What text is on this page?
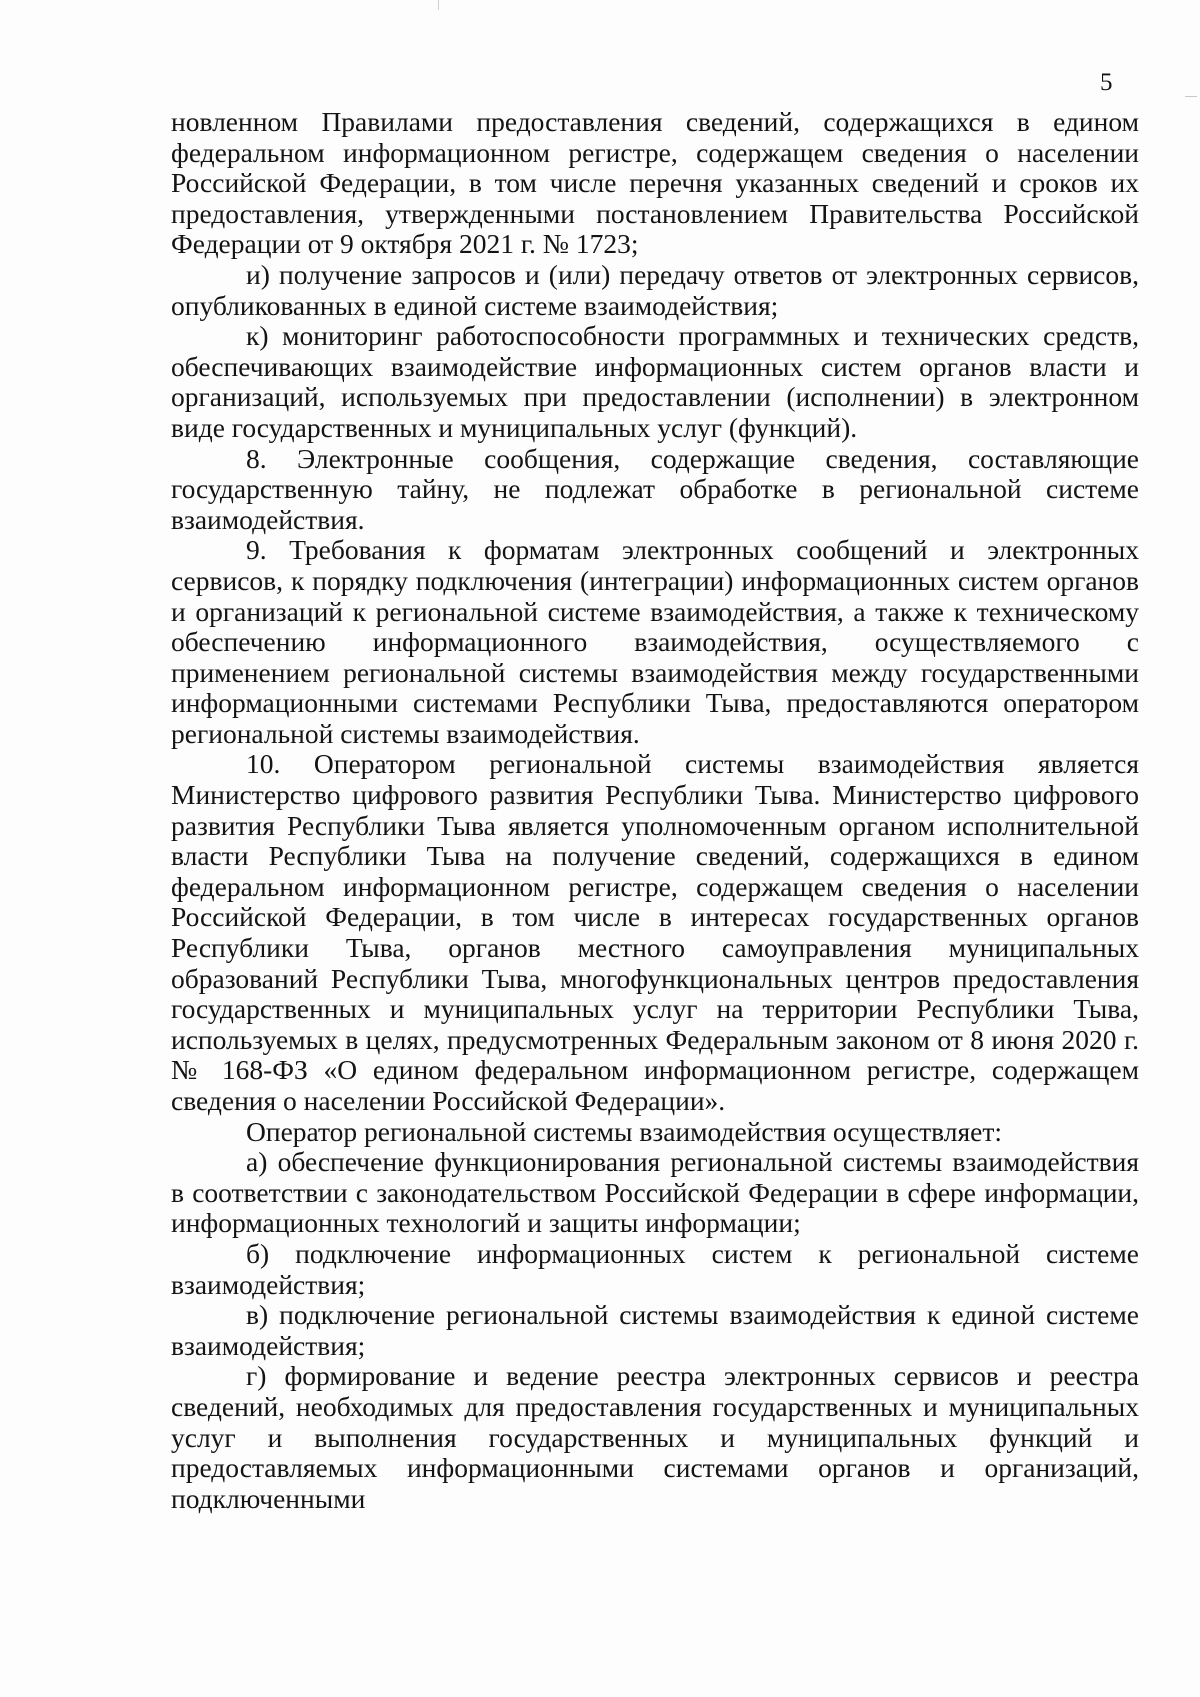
5

новленном Правилами предоставления сведений, содержащихся в едином федеральном информационном регистре, содержащем сведения о населении Российской Федерации, в том числе перечня указанных сведений и сроков их предоставления, утвержденными постановлением Правительства Российской Федерации от 9 октября 2021 г. № 1723;

и) получение запросов и (или) передачу ответов от электронных сервисов, опубликованных в единой системе взаимодействия;

к) мониторинг работоспособности программных и технических средств, обеспечивающих взаимодействие информационных систем органов власти и организаций, используемых при предоставлении (исполнении) в электронном виде государственных и муниципальных услуг (функций).

8. Электронные сообщения, содержащие сведения, составляющие государственную тайну, не подлежат обработке в региональной системе взаимодействия.

9. Требования к форматам электронных сообщений и электронных сервисов, к порядку подключения (интеграции) информационных систем органов и организаций к региональной системе взаимодействия, а также к техническому обеспечению информационного взаимодействия, осуществляемого с применением региональной системы взаимодействия между государственными информационными системами Республики Тыва, предоставляются оператором региональной системы взаимодействия.

10. Оператором региональной системы взаимодействия является Министерство цифрового развития Республики Тыва. Министерство цифрового развития Республики Тыва является уполномоченным органом исполнительной власти Республики Тыва на получение сведений, содержащихся в едином федеральном информационном регистре, содержащем сведения о населении Российской Федерации, в том числе в интересах государственных органов Республики Тыва, органов местного самоуправления муниципальных образований Республики Тыва, многофункциональных центров предоставления государственных и муниципальных услуг на территории Республики Тыва, используемых в целях, предусмотренных Федеральным законом от 8 июня 2020 г. № 168-ФЗ «О едином федеральном информационном регистре, содержащем сведения о населении Российской Федерации».

Оператор региональной системы взаимодействия осуществляет:

а) обеспечение функционирования региональной системы взаимодействия в соответствии с законодательством Российской Федерации в сфере информации, информационных технологий и защиты информации;

б) подключение информационных систем к региональной системе взаимодействия;

в) подключение региональной системы взаимодействия к единой системе взаимодействия;

г) формирование и ведение реестра электронных сервисов и реестра сведений, необходимых для предоставления государственных и муниципальных услуг и выполнения государственных и муниципальных функций и предоставляемых информационными системами органов и организаций, подключенными
